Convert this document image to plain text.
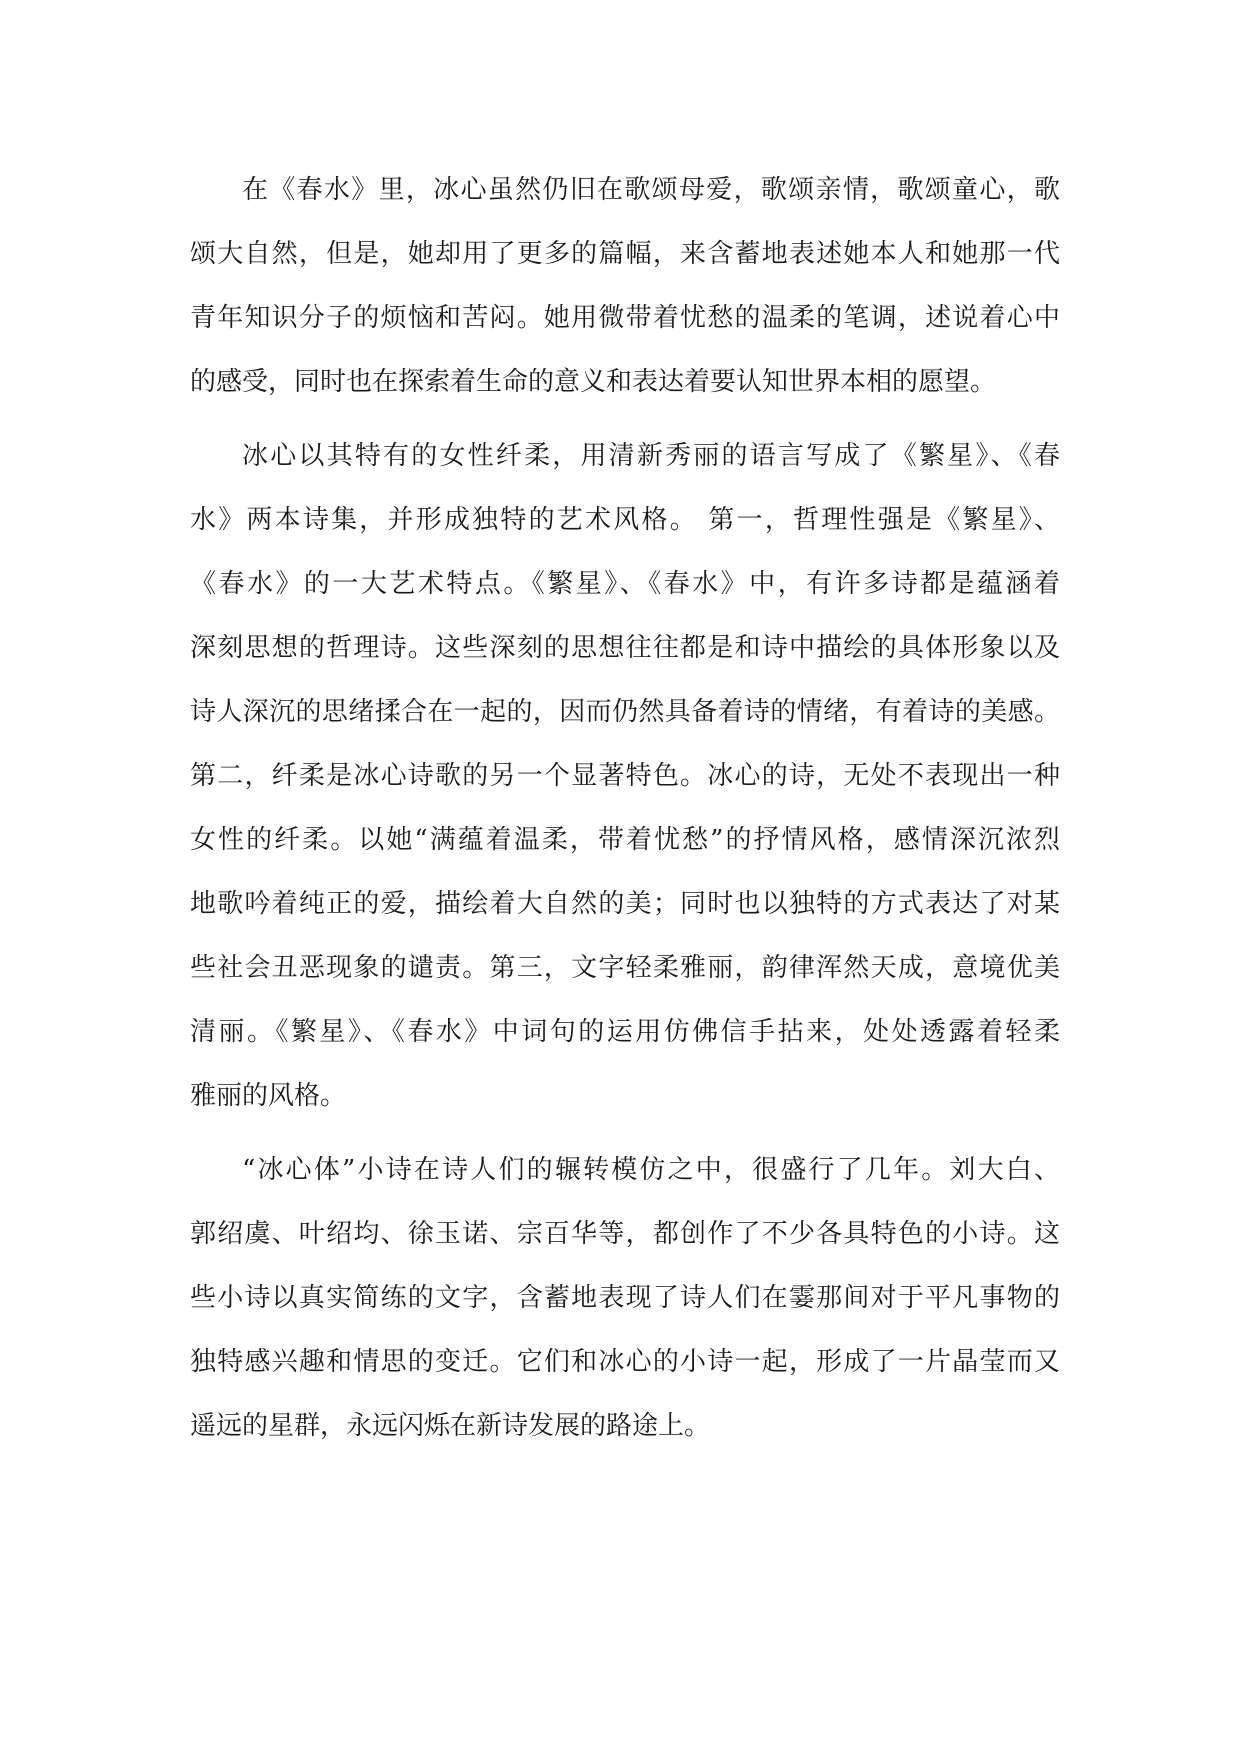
在《春水》里，冰心虽然仍旧在歌颂母爱，歌颂亲情，歌颂童心，歌
颂大自然，但是，她却用了更多的篇幅，来含蓄地表述她本人和她那一代
青年知识分子的烦恼和苦闷。她用微带着忧愁的温柔的笔调，述说着心中
的感受，同时也在探索着生命的意义和表达着要认知世界本相的愿望。
冰心以其特有的女性纤柔，用清新秀丽的语言写成了《繁星》、《春
水》两本诗集，并形成独特的艺术风格。 第一，哲理性强是《繁星》、
《春水》的一大艺术特点。《繁星》、《春水》中，有许多诗都是蕴涵着
深刻思想的哲理诗。这些深刻的思想往往都是和诗中描绘的具体形象以及
诗人深沉的思绪揉合在一起的，因而仍然具备着诗的情绪，有着诗的美感。
第二，纤柔是冰心诗歌的另一个显著特色。冰心的诗，无处不表现出一种
女性的纤柔。以她“满蕴着温柔，带着忧愁”的抒情风格，感情深沉浓烈
地歌吟着纯正的爱，描绘着大自然的美；同时也以独特的方式表达了对某
些社会丑恶现象的谴责。第三，文字轻柔雅丽，韵律浑然天成，意境优美
清丽。《繁星》、《春水》中词句的运用仿佛信手拈来，处处透露着轻柔
雅丽的风格。
“冰心体”小诗在诗人们的辗转模仿之中，很盛行了几年。刘大白、
郭绍虞、叶绍均、徐玉诺、宗百华等，都创作了不少各具特色的小诗。这
些小诗以真实简练的文字，含蓄地表现了诗人们在霎那间对于平凡事物的
独特感兴趣和情思的变迁。它们和冰心的小诗一起，形成了一片晶莹而又
遥远的星群，永远闪烁在新诗发展的路途上。
